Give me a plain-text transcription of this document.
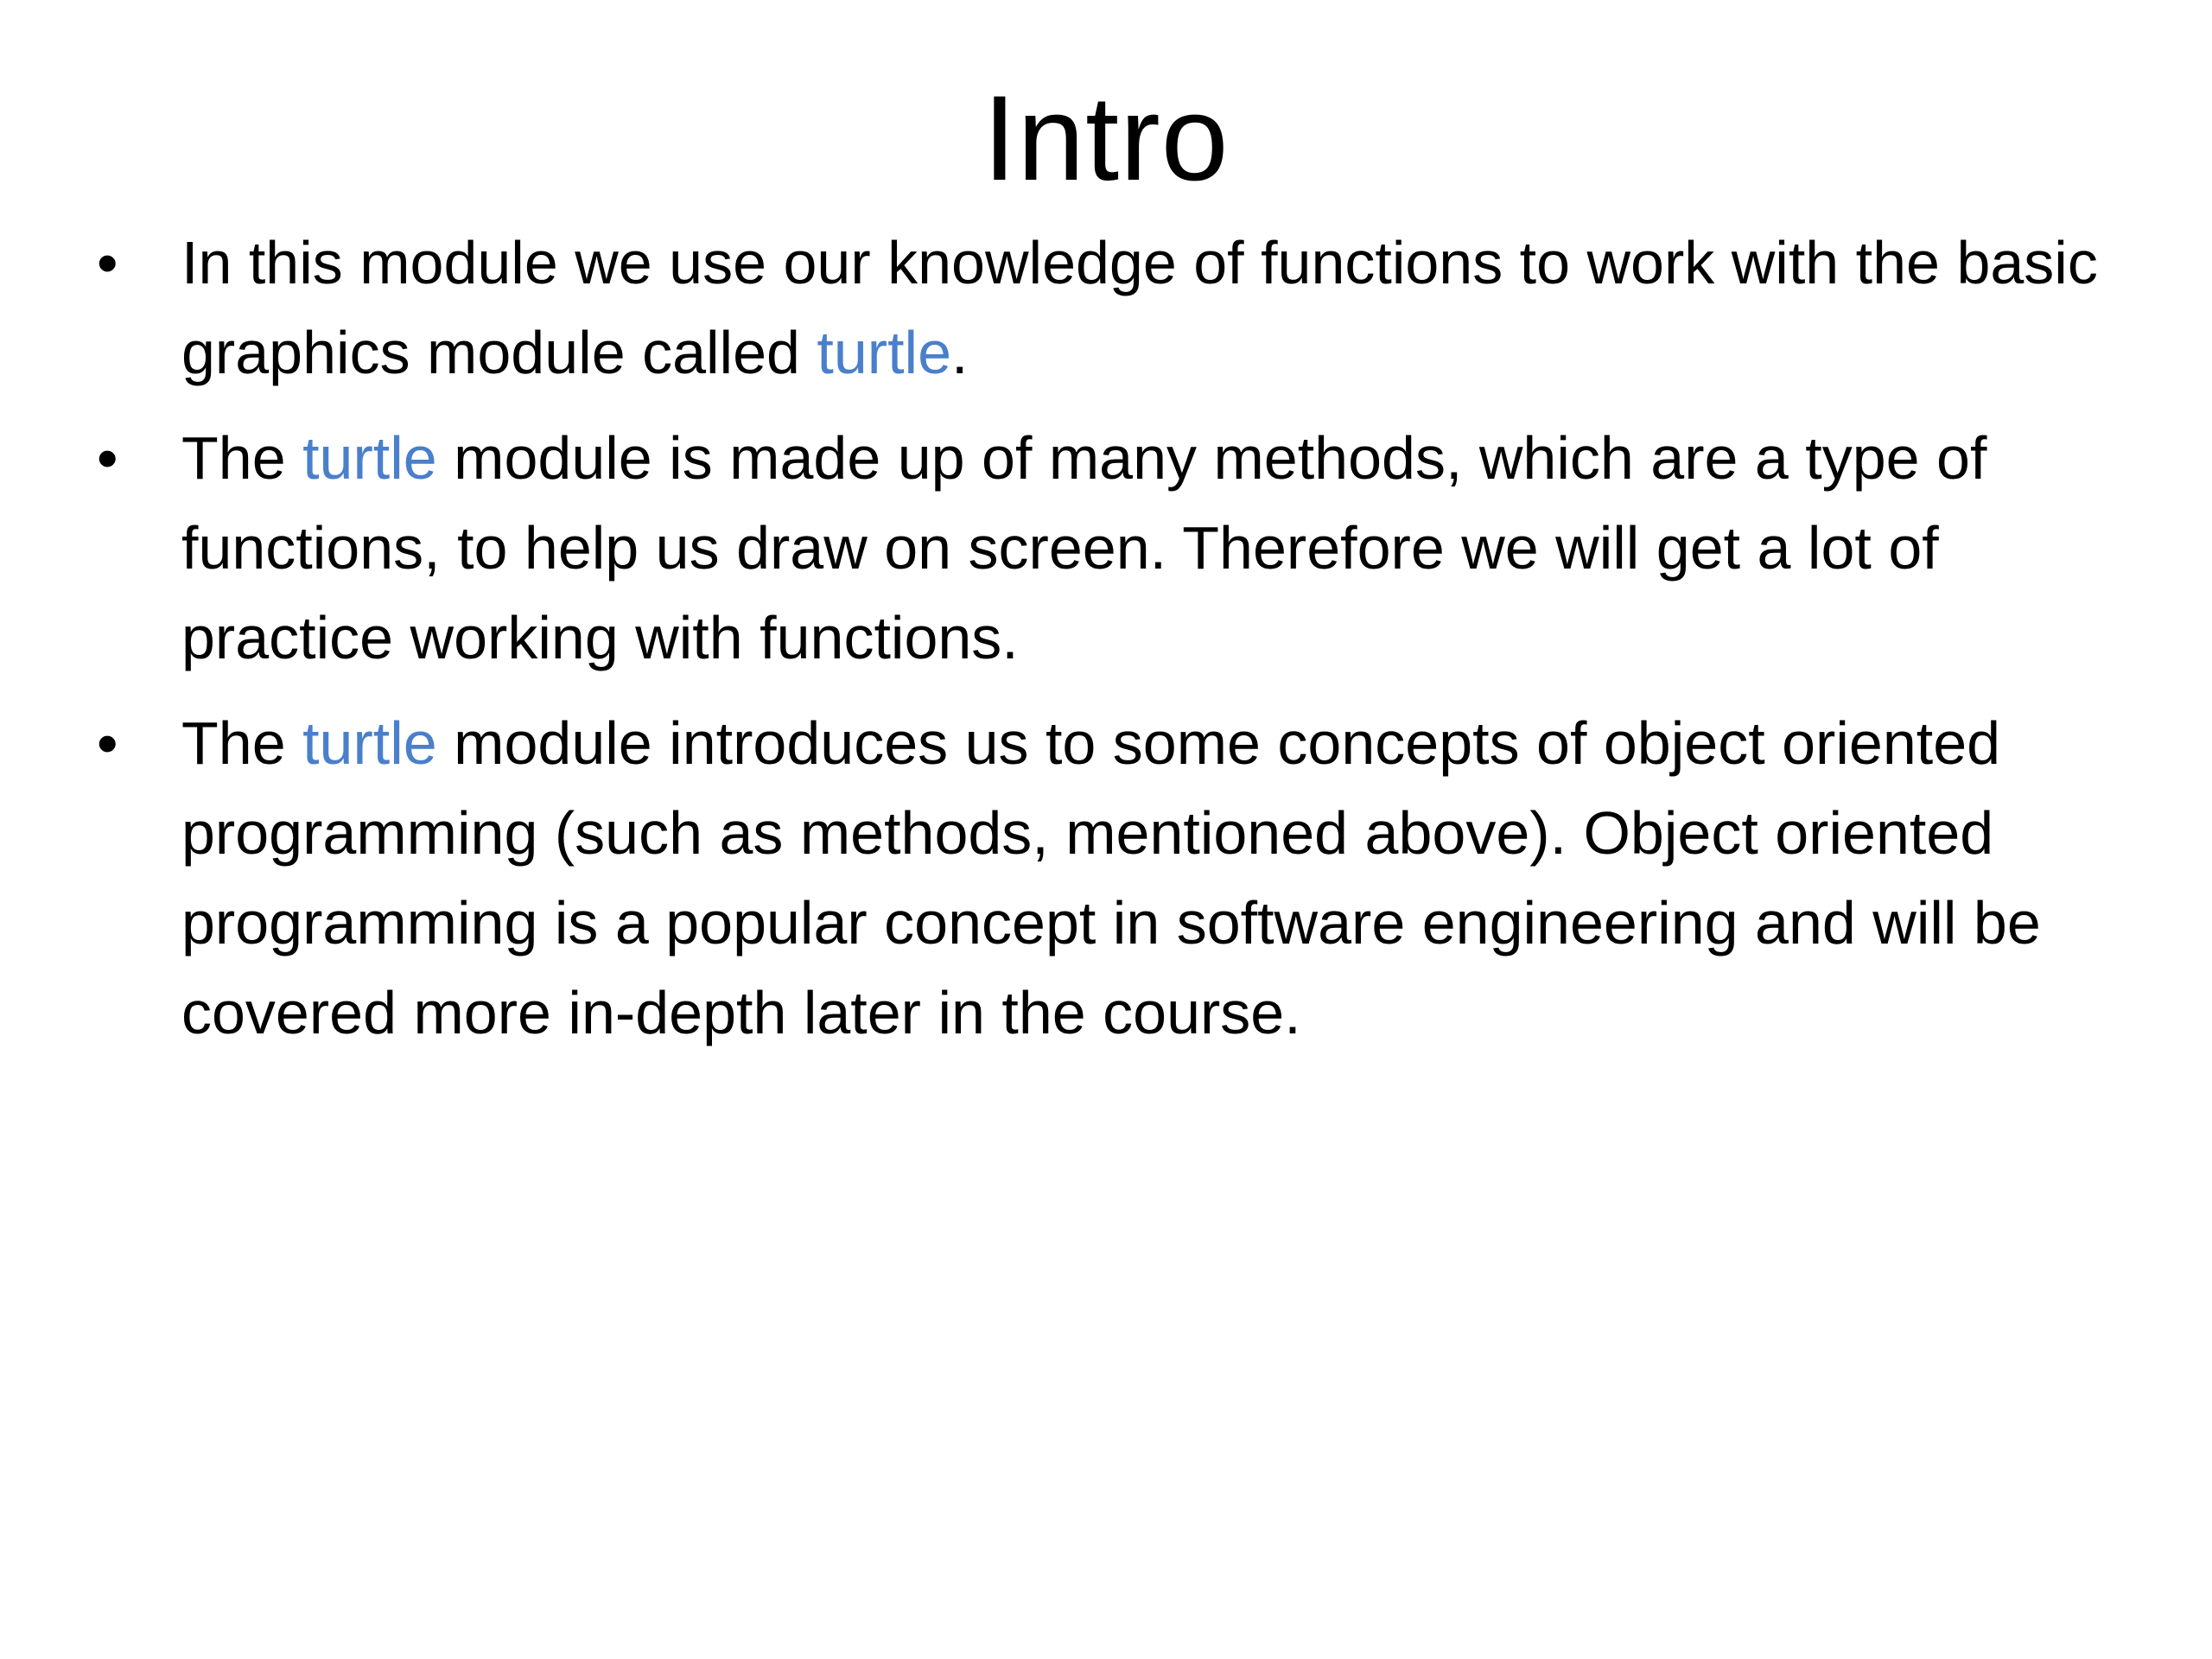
Intro
• In this module we use our knowledge of functions to work with the basic graphics module called turtle.
• The turtle module is made up of many methods, which are a type of functions, to help us draw on screen. Therefore we will get a lot of practice working with functions.
• The turtle module introduces us to some concepts of object oriented programming (such as methods, mentioned above). Object oriented programming is a popular concept in software engineering and will be covered more in-depth later in the course.
